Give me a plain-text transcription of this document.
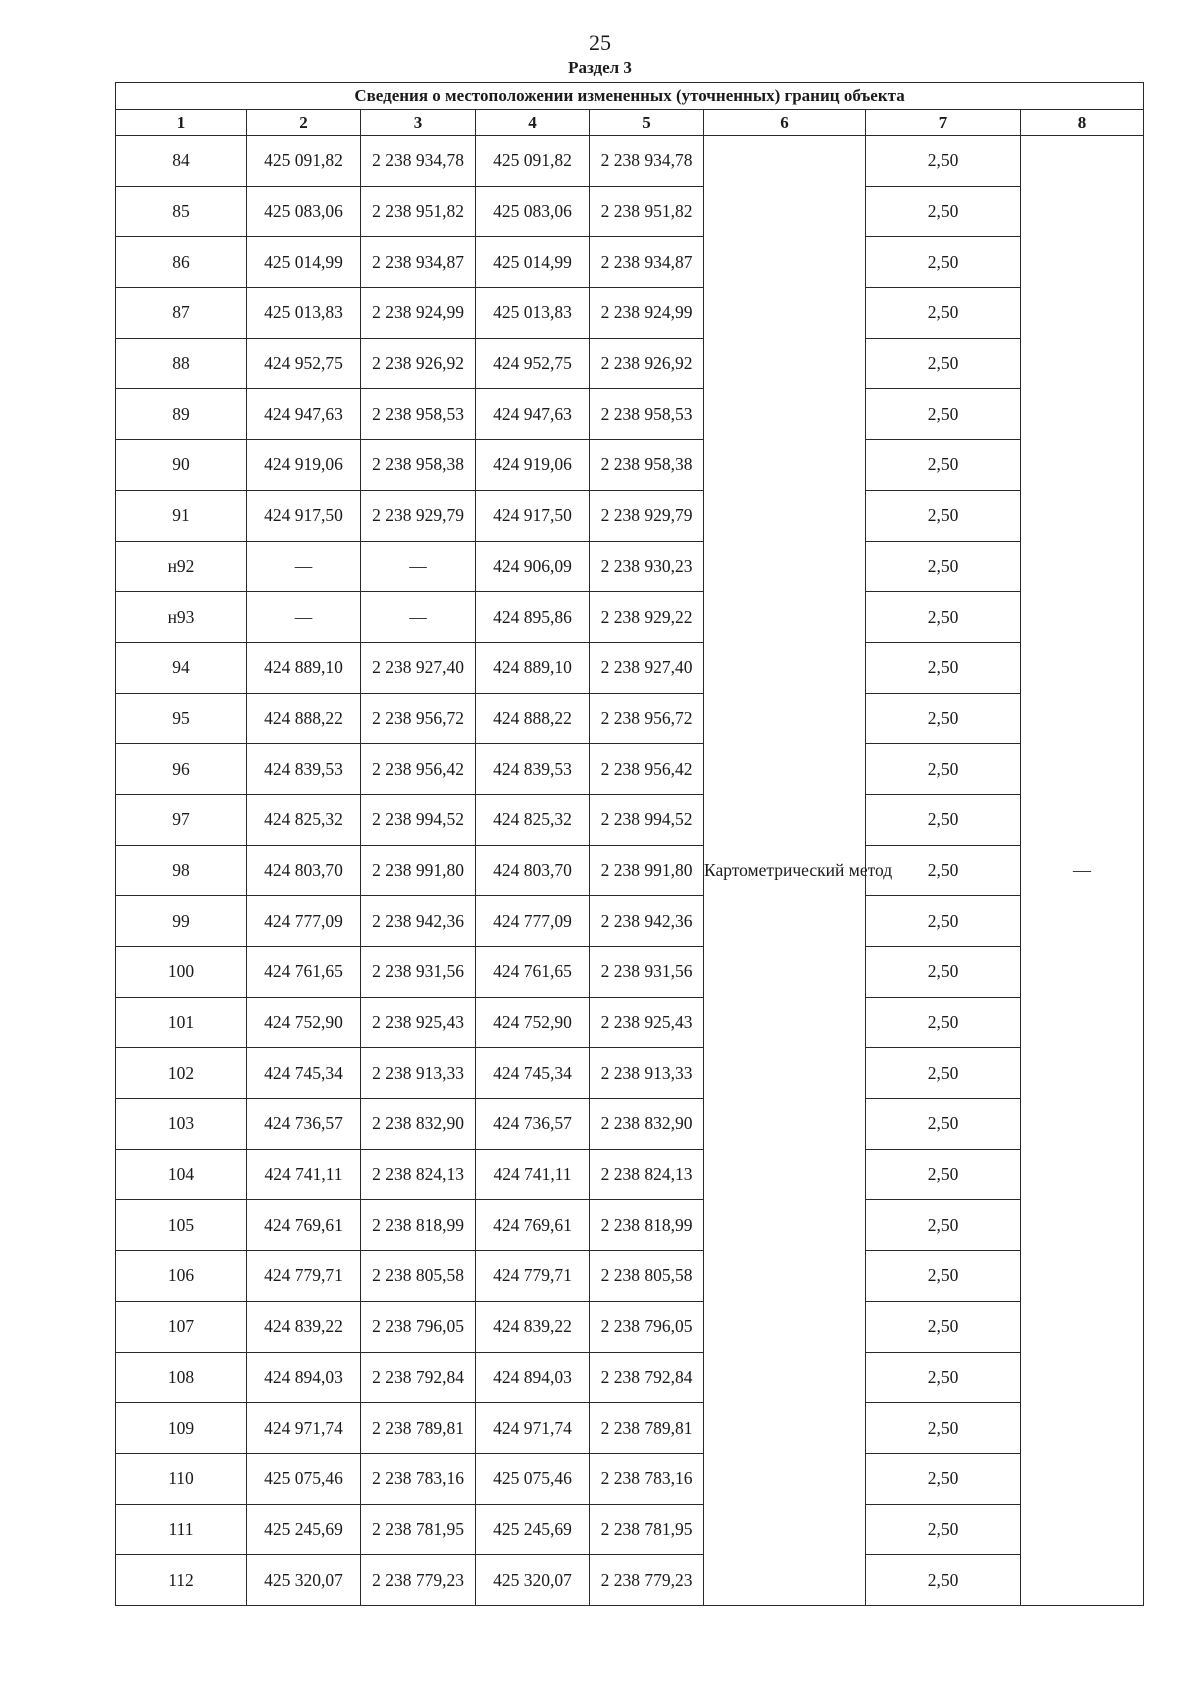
25
Раздел 3
Сведения о местоположении измененных (уточненных) границ объекта							
1	2	3	4	5	6	7	8
84	425 091,82	2 238 934,78	425 091,82	2 238 934,78	Картометрический метод	2,50	—
85	425 083,06	2 238 951,82	425 083,06	2 238 951,82		2,50	
86	425 014,99	2 238 934,87	425 014,99	2 238 934,87		2,50	
87	425 013,83	2 238 924,99	425 013,83	2 238 924,99		2,50	
88	424 952,75	2 238 926,92	424 952,75	2 238 926,92		2,50	
89	424 947,63	2 238 958,53	424 947,63	2 238 958,53		2,50	
90	424 919,06	2 238 958,38	424 919,06	2 238 958,38		2,50	
91	424 917,50	2 238 929,79	424 917,50	2 238 929,79		2,50	
н92	—	—	424 906,09	2 238 930,23		2,50	
н93	—	—	424 895,86	2 238 929,22		2,50	
94	424 889,10	2 238 927,40	424 889,10	2 238 927,40		2,50	
95	424 888,22	2 238 956,72	424 888,22	2 238 956,72		2,50	
96	424 839,53	2 238 956,42	424 839,53	2 238 956,42		2,50	
97	424 825,32	2 238 994,52	424 825,32	2 238 994,52		2,50	
98	424 803,70	2 238 991,80	424 803,70	2 238 991,80		2,50	
99	424 777,09	2 238 942,36	424 777,09	2 238 942,36		2,50	
100	424 761,65	2 238 931,56	424 761,65	2 238 931,56		2,50	
101	424 752,90	2 238 925,43	424 752,90	2 238 925,43		2,50	
102	424 745,34	2 238 913,33	424 745,34	2 238 913,33		2,50	
103	424 736,57	2 238 832,90	424 736,57	2 238 832,90		2,50	
104	424 741,11	2 238 824,13	424 741,11	2 238 824,13		2,50	
105	424 769,61	2 238 818,99	424 769,61	2 238 818,99		2,50	
106	424 779,71	2 238 805,58	424 779,71	2 238 805,58		2,50	
107	424 839,22	2 238 796,05	424 839,22	2 238 796,05		2,50	
108	424 894,03	2 238 792,84	424 894,03	2 238 792,84		2,50	
109	424 971,74	2 238 789,81	424 971,74	2 238 789,81		2,50	
110	425 075,46	2 238 783,16	425 075,46	2 238 783,16		2,50	
111	425 245,69	2 238 781,95	425 245,69	2 238 781,95		2,50	
112	425 320,07	2 238 779,23	425 320,07	2 238 779,23		2,50	
